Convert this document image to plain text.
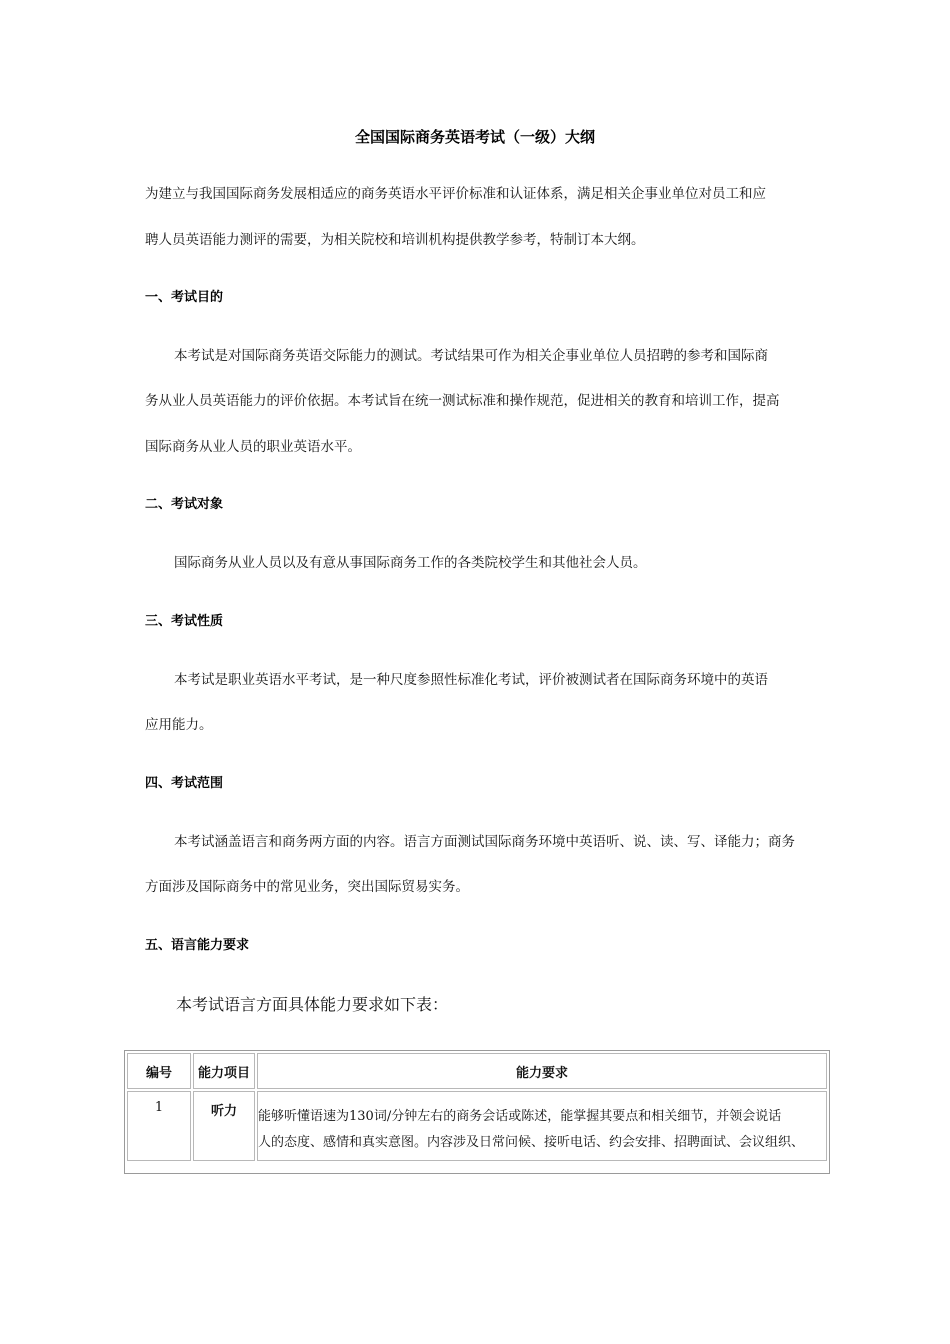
全国国际商务英语考试（一级）大纲
为建立与我国国际商务发展相适应的商务英语水平评价标准和认证体系，满足相关企事业单位对员工和应
聘人员英语能力测评的需要，为相关院校和培训机构提供教学参考，特制订本大纲。
一、考试目的
本考试是对国际商务英语交际能力的测试。考试结果可作为相关企事业单位人员招聘的参考和国际商
务从业人员英语能力的评价依据。本考试旨在统一测试标准和操作规范，促进相关的教育和培训工作，提高
国际商务从业人员的职业英语水平。
二、考试对象
国际商务从业人员以及有意从事国际商务工作的各类院校学生和其他社会人员。
三、考试性质
本考试是职业英语水平考试，是一种尺度参照性标准化考试，评价被测试者在国际商务环境中的英语
应用能力。
四、考试范围
本考试涵盖语言和商务两方面的内容。语言方面测试国际商务环境中英语听、说、读、写、译能力；商务
方面涉及国际商务中的常见业务，突出国际贸易实务。
五、语言能力要求
本考试语言方面具体能力要求如下表：
编号	能力项目	能力要求
1	听力	能够听懂语速为130词/分钟左右的商务会话或陈述，能掌握其要点和相关细节，并领会说话
人的态度、感情和真实意图。内容涉及日常问候、接听电话、约会安排、招聘面试、会议组织、
